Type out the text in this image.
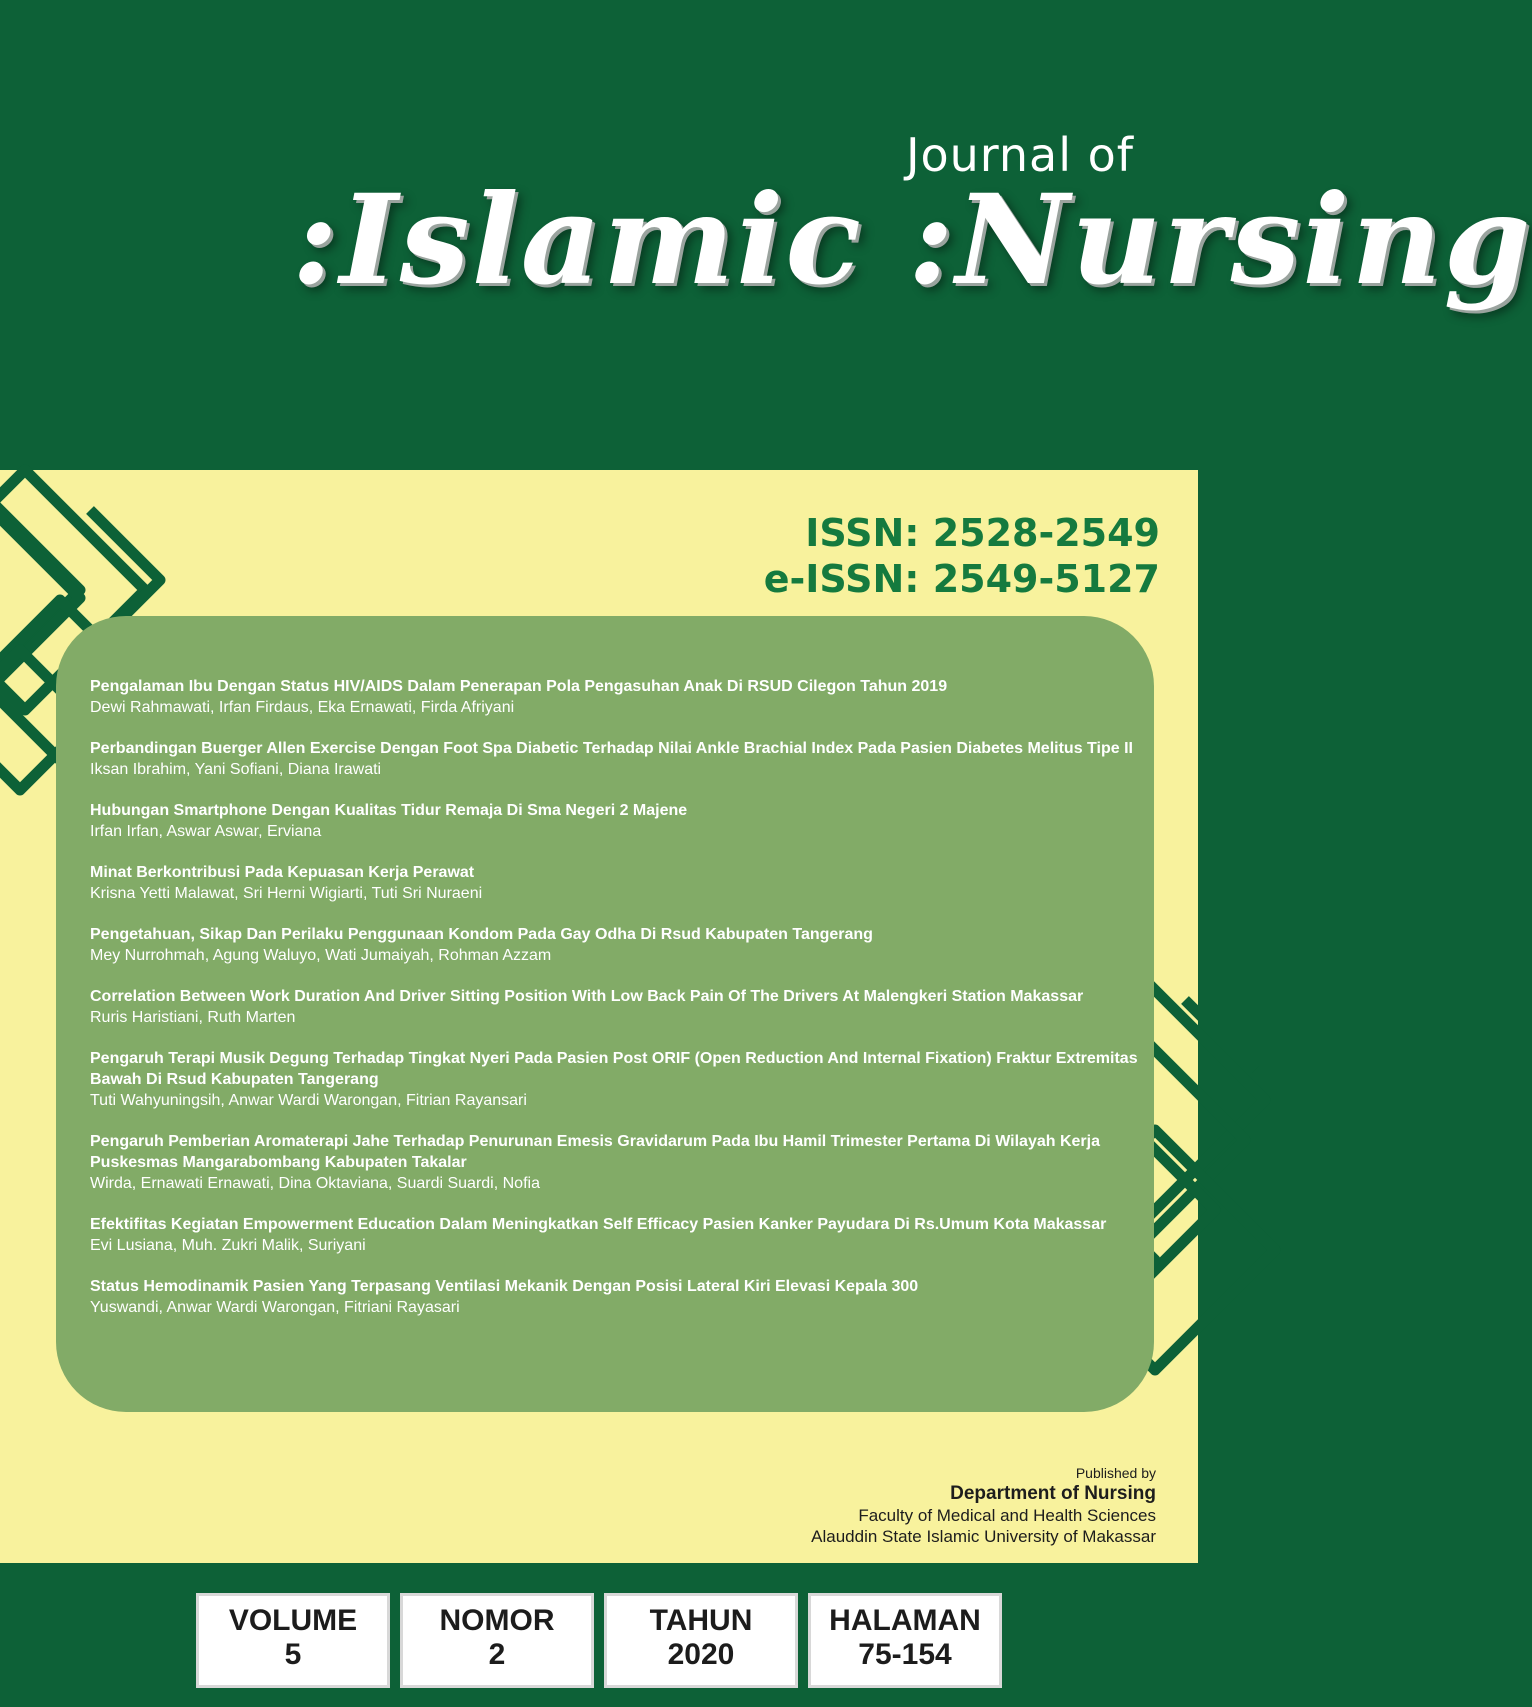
Journal of
:Islamic :Nursing
ISSN: 2528-2549
e-ISSN: 2549-5127
Pengalaman Ibu Dengan Status HIV/AIDS Dalam Penerapan Pola Pengasuhan Anak Di RSUD Cilegon Tahun 2019
Dewi Rahmawati, Irfan Firdaus, Eka Ernawati, Firda Afriyani
Perbandingan Buerger Allen Exercise Dengan Foot Spa Diabetic Terhadap Nilai Ankle Brachial Index Pada Pasien Diabetes Melitus Tipe II
Iksan Ibrahim, Yani Sofiani, Diana Irawati
Hubungan Smartphone Dengan Kualitas Tidur Remaja Di Sma Negeri 2 Majene
Irfan Irfan, Aswar Aswar, Erviana
Minat Berkontribusi Pada Kepuasan Kerja Perawat
Krisna Yetti Malawat, Sri Herni Wigiarti, Tuti Sri Nuraeni
Pengetahuan, Sikap Dan Perilaku Penggunaan Kondom Pada Gay Odha Di Rsud Kabupaten Tangerang
Mey Nurrohmah, Agung Waluyo, Wati Jumaiyah, Rohman Azzam
Correlation Between Work Duration And Driver Sitting Position With Low Back Pain Of The Drivers At Malengkeri Station Makassar
Ruris Haristiani, Ruth Marten
Pengaruh Terapi Musik Degung Terhadap Tingkat Nyeri Pada Pasien Post ORIF (Open Reduction And Internal Fixation) Fraktur Extremitas Bawah Di Rsud Kabupaten Tangerang
Tuti Wahyuningsih, Anwar Wardi Warongan, Fitrian Rayansari
Pengaruh Pemberian Aromaterapi Jahe Terhadap Penurunan Emesis Gravidarum Pada Ibu Hamil Trimester Pertama Di Wilayah Kerja Puskesmas Mangarabombang Kabupaten Takalar
Wirda, Ernawati Ernawati, Dina Oktaviana, Suardi Suardi, Nofia
Efektifitas Kegiatan Empowerment Education Dalam Meningkatkan Self Efficacy Pasien Kanker Payudara Di Rs.Umum Kota Makassar
Evi Lusiana, Muh. Zukri Malik, Suriyani
Status Hemodinamik Pasien Yang Terpasang Ventilasi Mekanik Dengan Posisi Lateral Kiri Elevasi Kepala 300
Yuswandi, Anwar Wardi Warongan, Fitriani Rayasari
Published by
Department of Nursing
Faculty of Medical and Health Sciences
Alauddin State Islamic University of Makassar
VOLUME
5
NOMOR
2
TAHUN
2020
HALAMAN
75-154
